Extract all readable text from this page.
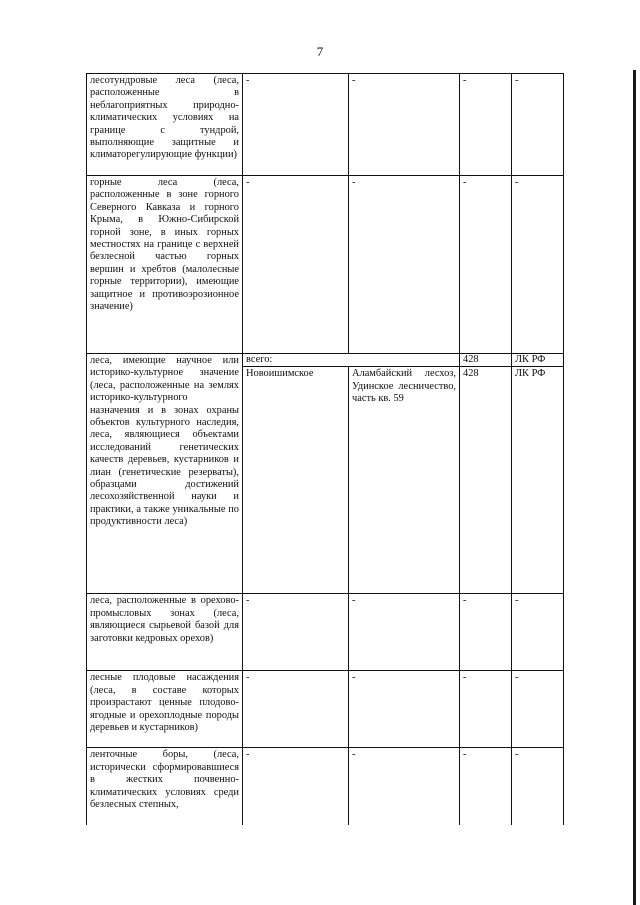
7
лесотундровые леса (леса, расположенные в неблагоприятных природно-климатических условиях на границе с тундрой, выполняющие защитные и климаторегулирующие функции)	-	-	-	-
горные леса (леса, расположенные в зоне горного Северного Кавказа и горного Крыма, в Южно-Сибирской горной зоне, в иных горных местностях на границе с верхней безлесной частью горных вершин и хребтов (малолесные горные территории), имеющие защитное и противоэрозионное значение)	-	-	-	-
леса, имеющие научное или историко-культурное значение (леса, расположенные на землях историко-культурного назначения и в зонах охраны объектов культурного наследия, леса, являющиеся объектами исследований генетических качеств деревьев, кустарников и лиан (генетические резерваты), образцами достижений лесохозяйственной науки и практики, а также уникальные по продуктивности леса)	всего:		428	ЛК РФ
	Новоишимское	Аламбайский лесхоз, Удинское лесничество, часть кв. 59	428	ЛК РФ
леса, расположенные в орехово-промысловых зонах (леса, являющиеся сырьевой базой для заготовки кедровых орехов)	-	-	-	-
лесные плодовые насаждения (леса, в составе которых произрастают ценные плодово-ягодные и орехоплодные породы деревьев и кустарников)	-	-	-	-
ленточные боры, (леса, исторически сформировавшиеся в жестких почвенно-климатических условиях среди безлесных степных,	-	-	-	-
